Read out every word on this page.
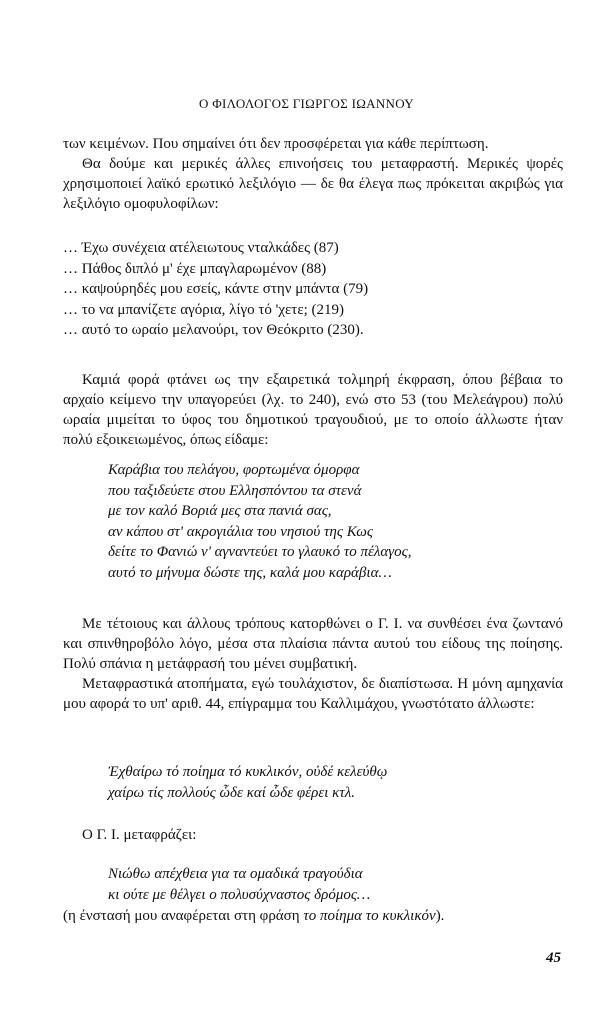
Ο ΦΙΛΟΛΟΓΟΣ ΓΙΩΡΓΟΣ ΙΩΑΝΝΟΥ

των κειμένων. Που σημαίνει ότι δεν προσφέρεται για κάθε περίπτωση.

Θα δούμε και μερικές άλλες επινοήσεις του μεταφραστή. Μερικές ψορές χρησιμοποιεί λαϊκό ερωτικό λεξιλόγιο — δε θα έλεγα πως πρόκειται ακριβώς για λεξιλόγιο ομοφυλοφίλων:

… Έχω συνέχεια ατέλειωτους νταλκάδες (87)
… Πάθος διπλό μ' έχε μπαγλαρωμένον (88)
… καψούρηδές μου εσείς, κάντε στην μπάντα (79)
… το να μπανίζετε αγόρια, λίγο τό 'χετε; (219)
… αυτό το ωραίο μελανούρι, τον Θεόκριτο (230).

Καμιά φορά φτάνει ως την εξαιρετικά τολμηρή έκφραση, όπου βέβαια το αρχαίο κείμενο την υπαγορεύει (λχ. το 240), ενώ στο 53 (του Μελεάγρου) πολύ ωραία μιμείται το ύφος του δημοτικού τραγουδιού, με το οποίο άλλωστε ήταν πολύ εξοικειωμένος, όπως είδαμε:

Καράβια του πελάγου, φορτωμένα όμορφα
που ταξιδεύετε στου Ελλησπόντου τα στενά
με τον καλό Βοριά μες στα πανιά σας,
αν κάπου στ' ακρογιάλια του νησιού της Κως
δείτε το Φανιώ ν' αγναντεύει το γλαυκό το πέλαγος,
αυτό το μήνυμα δώστε της, καλά μου καράβια…

Με τέτοιους και άλλους τρόπους κατορθώνει ο Γ. Ι. να συνθέσει ένα ζωντανό και σπινθηροβόλο λόγο, μέσα στα πλαίσια πάντα αυτού του είδους της ποίησης. Πολύ σπάνια η μετάφρασή του μένει συμβατική.

Μεταφραστικά ατοπήματα, εγώ τουλάχιστον, δε διαπίστωσα. Η μόνη αμηχανία μου αφορά το υπ' αριθ. 44, επίγραμμα του Καλλιμάχου, γνωστότατο άλλωστε:

Ἐχθαίρω τό ποίημα τό κυκλικόν, οὐδέ κελεύθῳ
χαίρω τίς πολλούς ὧδε καί ὧδε φέρει κτλ.

Ο Γ. Ι. μεταφράζει:

Νιώθω απέχθεια για τα ομαδικά τραγούδια
κι ούτε με θέλγει ο πολυσύχναστος δρόμος…
(η ένστασή μου αναφέρεται στη φράση το ποίημα το κυκλικόν).
45
